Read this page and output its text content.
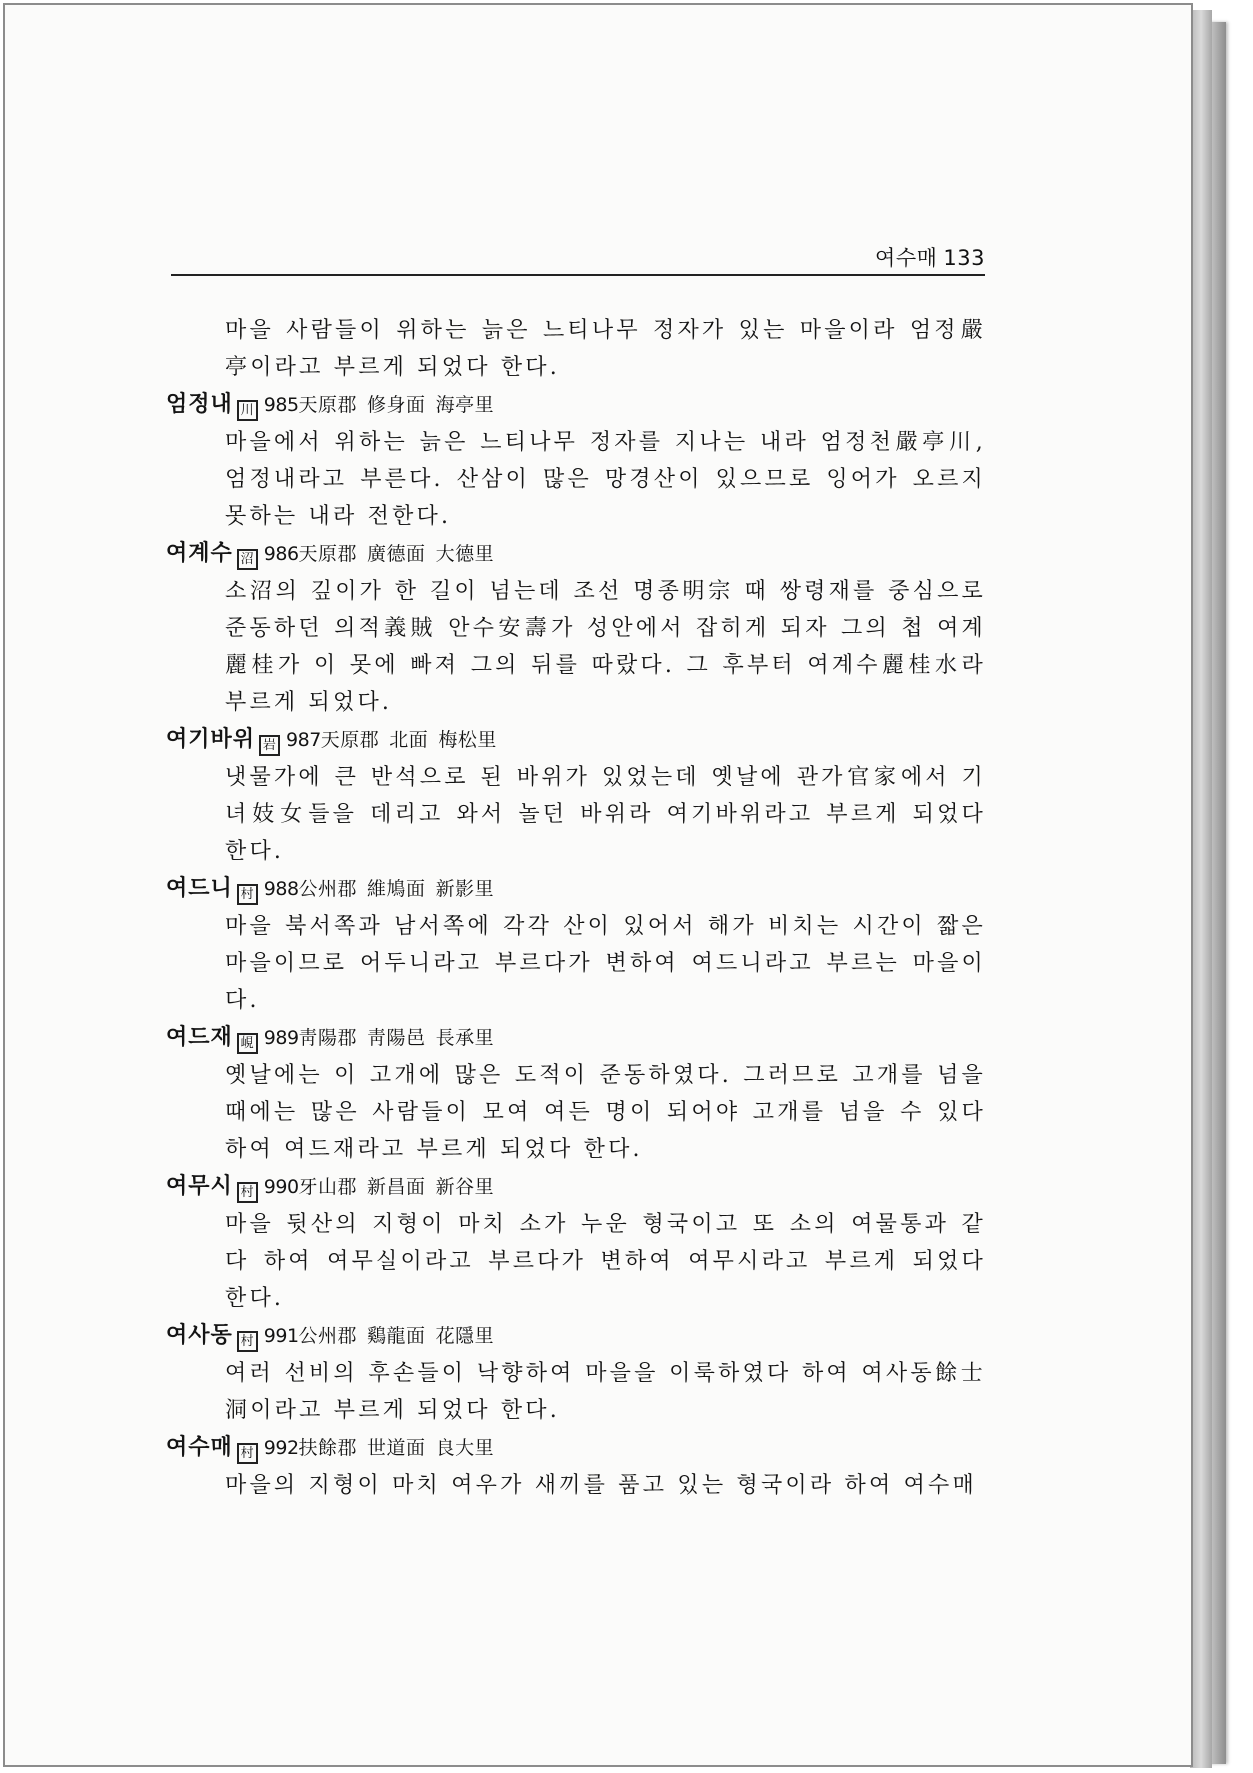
여수매 133

마을 사람들이 위하는 늙은 느티나무 정자가 있는 마을이라 엄정嚴亭이라고 부르게 되었다 한다.

엄정내 川 985天原郡 修身面 海亭里

마을에서 위하는 늙은 느티나무 정자를 지나는 내라 엄정천嚴亭川, 엄정내라고 부른다. 산삼이 많은 망경산이 있으므로 잉어가 오르지 못하는 내라 전한다.

여계수 沼 986天原郡 廣德面 大德里

소沼의 깊이가 한 길이 넘는데 조선 명종明宗 때 쌍령재를 중심으로 준동하던 의적義賊 안수安壽가 성안에서 잡히게 되자 그의 첩 여계麗桂가 이 못에 빠져 그의 뒤를 따랐다. 그 후부터 여계수麗桂水라 부르게 되었다.

여기바위 岩 987天原郡 北面 梅松里

냇물가에 큰 반석으로 된 바위가 있었는데 옛날에 관가官家에서 기녀妓女들을 데리고 와서 놀던 바위라 여기바위라고 부르게 되었다 한다.

여드니 村 988公州郡 維鳩面 新影里

마을 북서쪽과 남서쪽에 각각 산이 있어서 해가 비치는 시간이 짧은 마을이므로 어두니라고 부르다가 변하여 여드니라고 부르는 마을이다.

여드재 峴 989靑陽郡 靑陽邑 長承里

옛날에는 이 고개에 많은 도적이 준동하였다. 그러므로 고개를 넘을 때에는 많은 사람들이 모여 여든 명이 되어야 고개를 넘을 수 있다 하여 여드재라고 부르게 되었다 한다.

여무시 村 990牙山郡 新昌面 新谷里

마을 뒷산의 지형이 마치 소가 누운 형국이고 또 소의 여물통과 같다 하여 여무실이라고 부르다가 변하여 여무시라고 부르게 되었다 한다.

여사동 村 991公州郡 鷄龍面 花隱里

여러 선비의 후손들이 낙향하여 마을을 이룩하였다 하여 여사동餘士洞이라고 부르게 되었다 한다.

여수매 村 992扶餘郡 世道面 良大里

마을의 지형이 마치 여우가 새끼를 품고 있는 형국이라 하여 여수매
